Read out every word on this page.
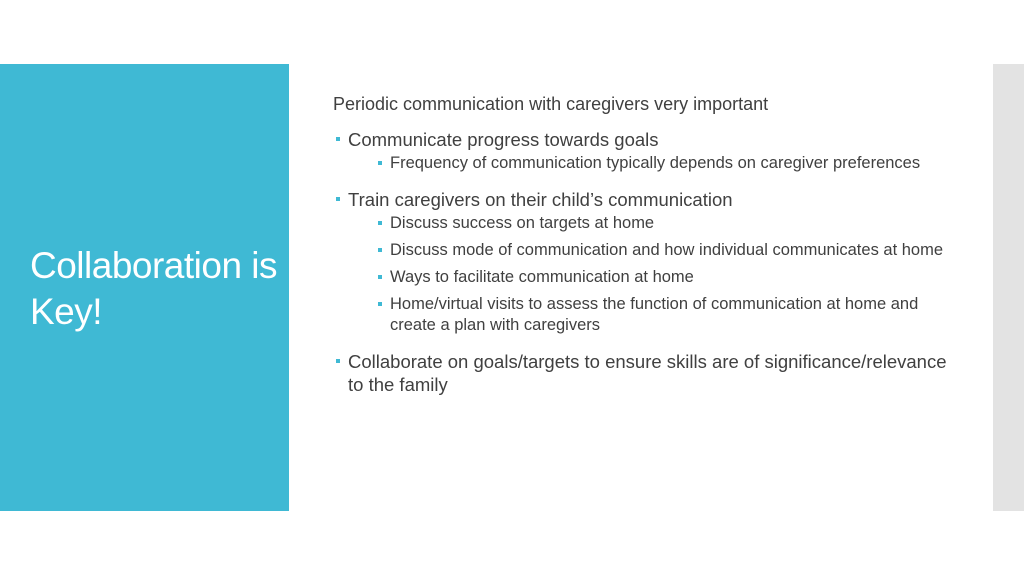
Collaboration is Key!
Periodic communication with caregivers very important
Communicate progress towards goals
Frequency of communication typically depends on caregiver preferences
Train caregivers on their child’s communication
Discuss success on targets at home
Discuss mode of communication and how individual communicates at home
Ways to facilitate communication at home
Home/virtual visits to assess the function of communication at home and create a plan with caregivers
Collaborate on goals/targets to ensure skills are of significance/relevance to the family
